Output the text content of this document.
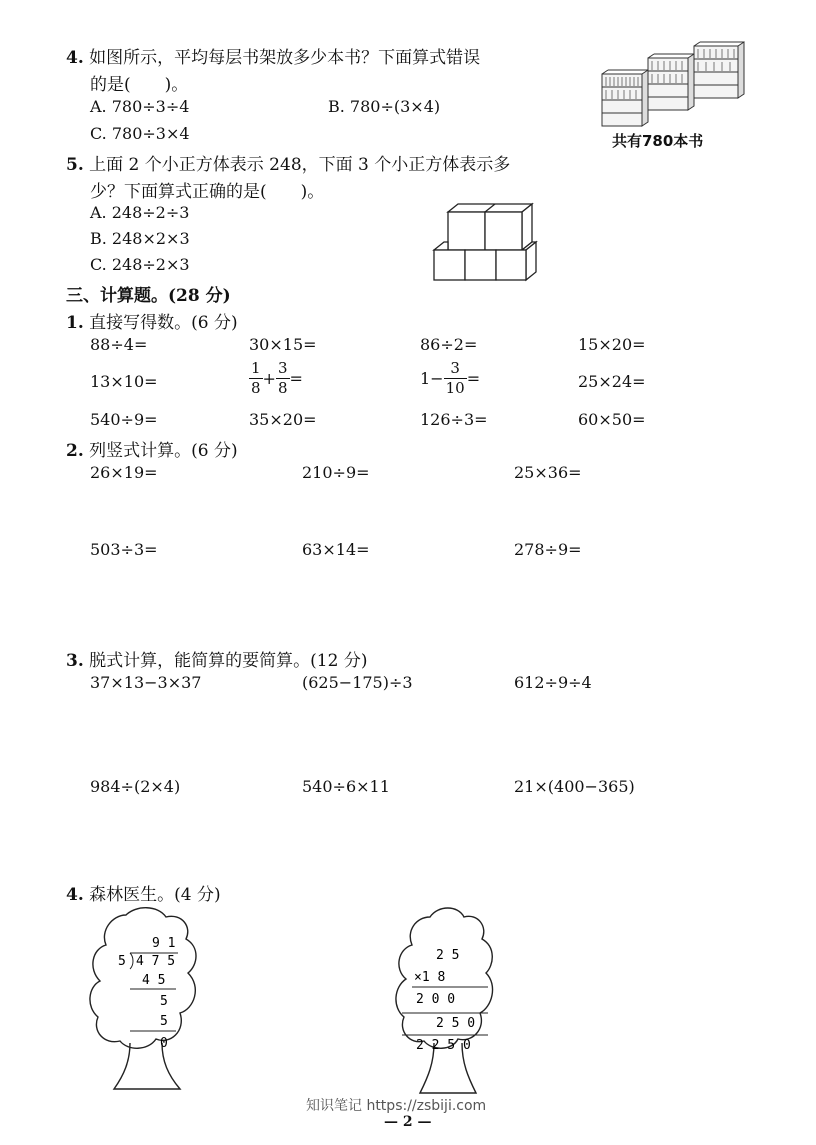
4. 如图所示，平均每层书架放多少本书？下面算式错误
的是(　　)。
A. 780÷3÷4	B. 780÷(3×4)
C. 780÷3×4	共有780本书
5. 上面 2 个小正方体表示 248，下面 3 个小正方体表示多
少？下面算式正确的是(　　)。
A. 248÷2÷3
B. 248×2×3
C. 248÷2×3
三、计算题。(28 分)
1. 直接写得数。(6 分)
88÷4=	30×15=	86÷2=	15×20=
13×10=	$\frac{1}{8} + \frac{3}{8}$ =	$1- \frac{3}{10}$ =	25×24=
540÷9=	35×20=	126÷3=	60×50=
2. 列竖式计算。(6 分)
26×19=	210÷9=	25×36=
503÷3=	63×14=	278÷9=
3. 脱式计算，能简算的要简算。(12 分)
37×13−3×37	(625−175)÷3	612÷9÷4
984÷(2×4)	540÷6×11	21×(400−365)
4. 森林医生。(4 分)
9 1
5 4 7 5
4 5
5
5
0
2 5
×1 8
2 0 0
2 5 0
2 2 5 0
知识笔记 https://zsbiji.com
— 2 —
